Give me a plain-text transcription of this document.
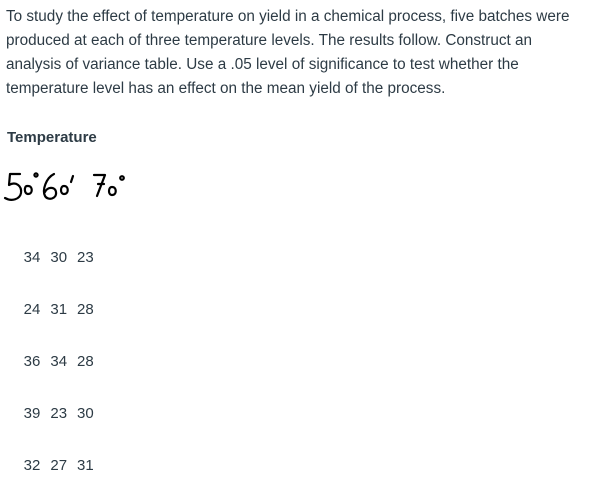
To study the effect of temperature on yield in a chemical process, five batches were produced at each of three temperature levels. The results follow. Construct an analysis of variance table. Use a .05 level of significance to test whether the temperature level has an effect on the mean yield of the process.

Temperature

34 30 23

24 31 28

36 34 28

39 23 30

32 27 31
